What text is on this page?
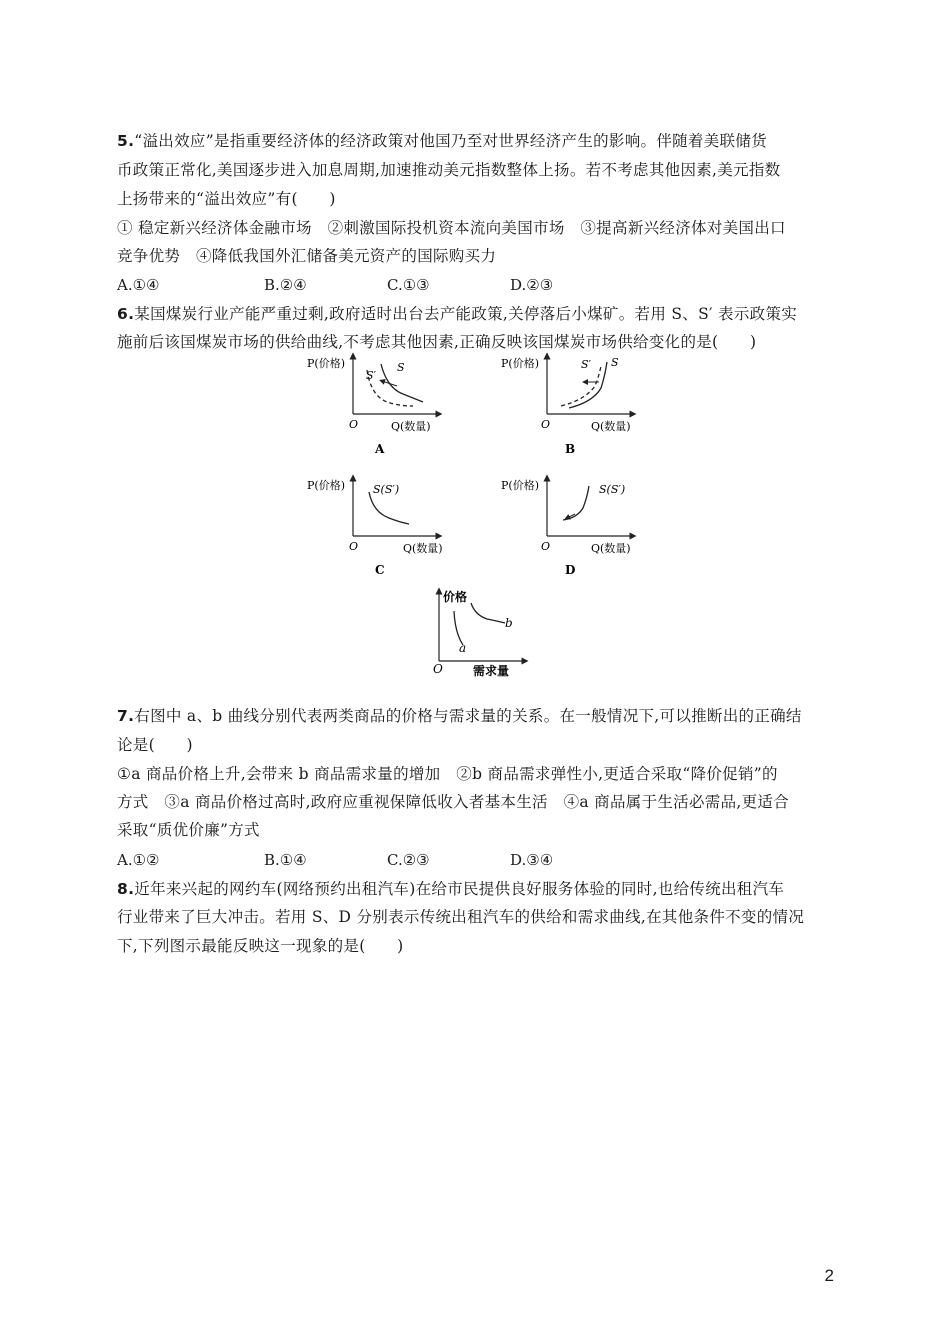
5.“溢出效应”是指重要经济体的经济政策对他国乃至对世界经济产生的影响。伴随着美联储货
币政策正常化,美国逐步进入加息周期,加速推动美元指数整体上扬。若不考虑其他因素,美元指数
上扬带来的“溢出效应”有(　　)
① 稳定新兴经济体金融市场　②刺激国际投机资本流向美国市场　③提高新兴经济体对美国出口
竞争优势　④降低我国外汇储备美元资产的国际购买力
A.①④	B.②④	C.①③	D.②③
6.某国煤炭行业产能严重过剩,政府适时出台去产能政策,关停落后小煤矿。若用 S、S′ 表示政策实
施前后该国煤炭市场的供给曲线,不考虑其他因素,正确反映该国煤炭市场供给变化的是(　　)
P(价格)
O	Q(数量)
S′
S
A
P(价格)
O	Q(数量)
S′ S
B
P(价格)
O	Q(数量)
S(S′)
C
P(价格)
O	Q(数量)
S(S′)
D
价格
O	需求量
a
b
7.右图中 a、b 曲线分别代表两类商品的价格与需求量的关系。在一般情况下,可以推断出的正确结
论是(　　)
①a 商品价格上升,会带来 b 商品需求量的增加　②b 商品需求弹性小,更适合采取“降价促销”的
方式　③a 商品价格过高时,政府应重视保障低收入者基本生活　④a 商品属于生活必需品,更适合
采取“质优价廉”方式
A.①②	B.①④	C.②③	D.③④
8.近年来兴起的网约车(网络预约出租汽车)在给市民提供良好服务体验的同时,也给传统出租汽车
行业带来了巨大冲击。若用 S、D 分别表示传统出租汽车的供给和需求曲线,在其他条件不变的情况
下,下列图示最能反映这一现象的是(　　)
2
